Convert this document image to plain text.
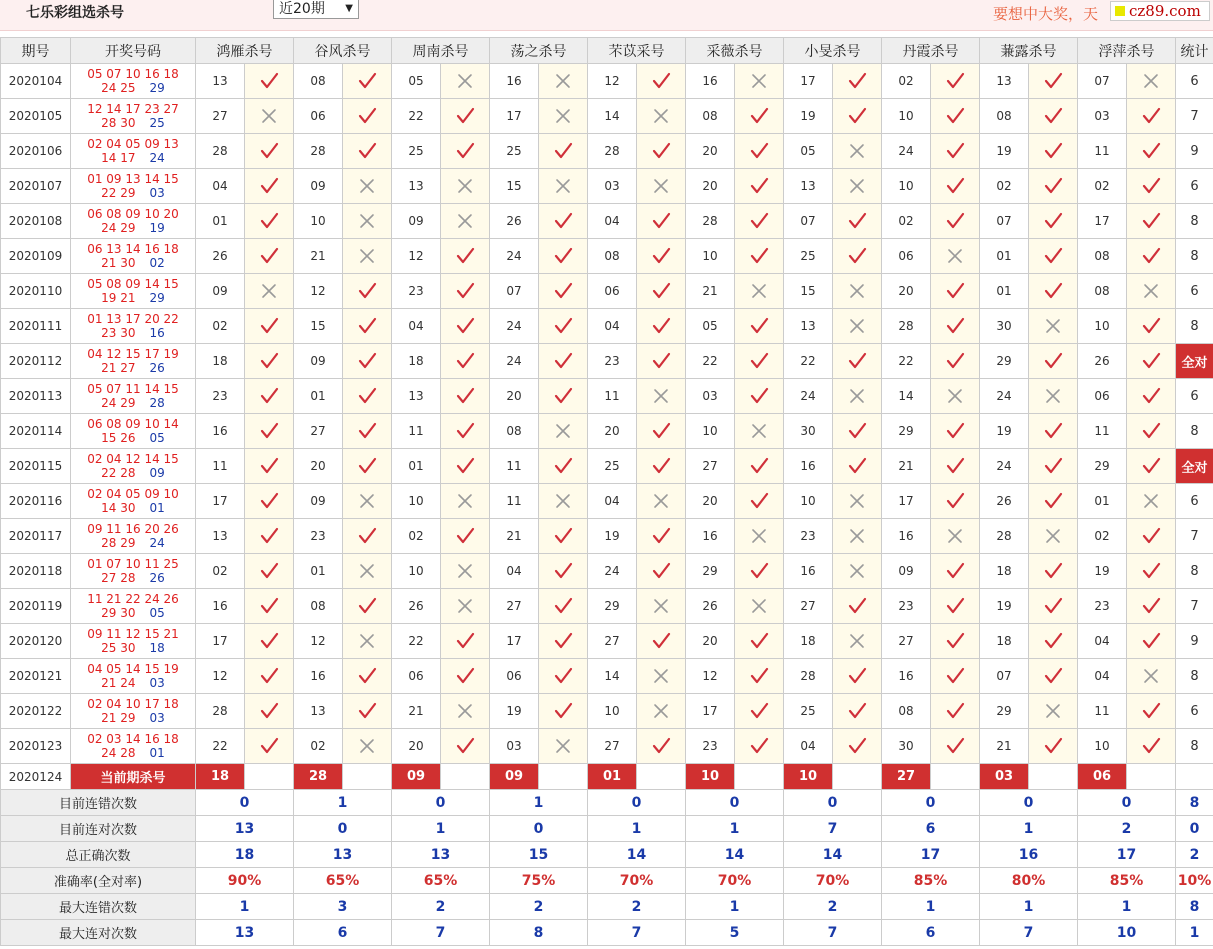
七乐彩组选杀号	近20期 ▼	要想中大奖，天	cz89.com
期号	开奖号码	鸿雁杀号		谷风杀号		周南杀号		荡之杀号		芣苡采号		采薇杀号		小旻杀号		丹霞杀号		蒹露杀号		浮萍杀号		统计
2020104	05 07 10 16 18
24 25 29	13		08		05		16		12		16		17		02		13		07		6
2020105	12 14 17 23 27
28 30 25	27		06		22		17		14		08		19		10		08		03		7
2020106	02 04 05 09 13
14 17 24	28		28		25		25		28		20		05		24		19		11		9
2020107	01 09 13 14 15
22 29 03	04		09		13		15		03		20		13		10		02		02		6
2020108	06 08 09 10 20
24 29 19	01		10		09		26		04		28		07		02		07		17		8
2020109	06 13 14 16 18
21 30 02	26		21		12		24		08		10		25		06		01		08		8
2020110	05 08 09 14 15
19 21 29	09		12		23		07		06		21		15		20		01		08		6
2020111	01 13 17 20 22
23 30 16	02		15		04		24		04		05		13		28		30		10		8
2020112	04 12 15 17 19
21 27 26	18		09		18		24		23		22		22		22		29		26		全对
2020113	05 07 11 14 15
24 29 28	23		01		13		20		11		03		24		14		24		06		6
2020114	06 08 09 10 14
15 26 05	16		27		11		08		20		10		30		29		19		11		8
2020115	02 04 12 14 15
22 28 09	11		20		01		11		25		27		16		21		24		29		全对
2020116	02 04 05 09 10
14 30 01	17		09		10		11		04		20		10		17		26		01		6
2020117	09 11 16 20 26
28 29 24	13		23		02		21		19		16		23		16		28		02		7
2020118	01 07 10 11 25
27 28 26	02		01		10		04		24		29		16		09		18		19		8
2020119	11 21 22 24 26
29 30 05	16		08		26		27		29		26		27		23		19		23		7
2020120	09 11 12 15 21
25 30 18	17		12		22		17		27		20		18		27		18		04		9
2020121	04 05 14 15 19
21 24 03	12		16		06		06		14		12		28		16		07		04		8
2020122	02 04 10 17 18
21 29 03	28		13		21		19		10		17		25		08		29		11		6
2020123	02 03 14 16 18
24 28 01	22		02		20		03		27		23		04		30		21		10		8
2020124	当前期杀号	18		28		09		09		01		10		10		27		03		06		
目前连错次数		0		1		0		1		0		0		0		0		0		0		8
目前连对次数		13		0		1		0		1		1		7		6		1		2		0
总正确次数		18		13		13		15		14		14		14		17		16		17		2
准确率(全对率)		90%		65%		65%		75%		70%		70%		70%		85%		80%		85%		10%
最大连错次数		1		3		2		2		2		1		2		1		1		1		8
最大连对次数		13		6		7		8		7		5		7		6		7		10		1
